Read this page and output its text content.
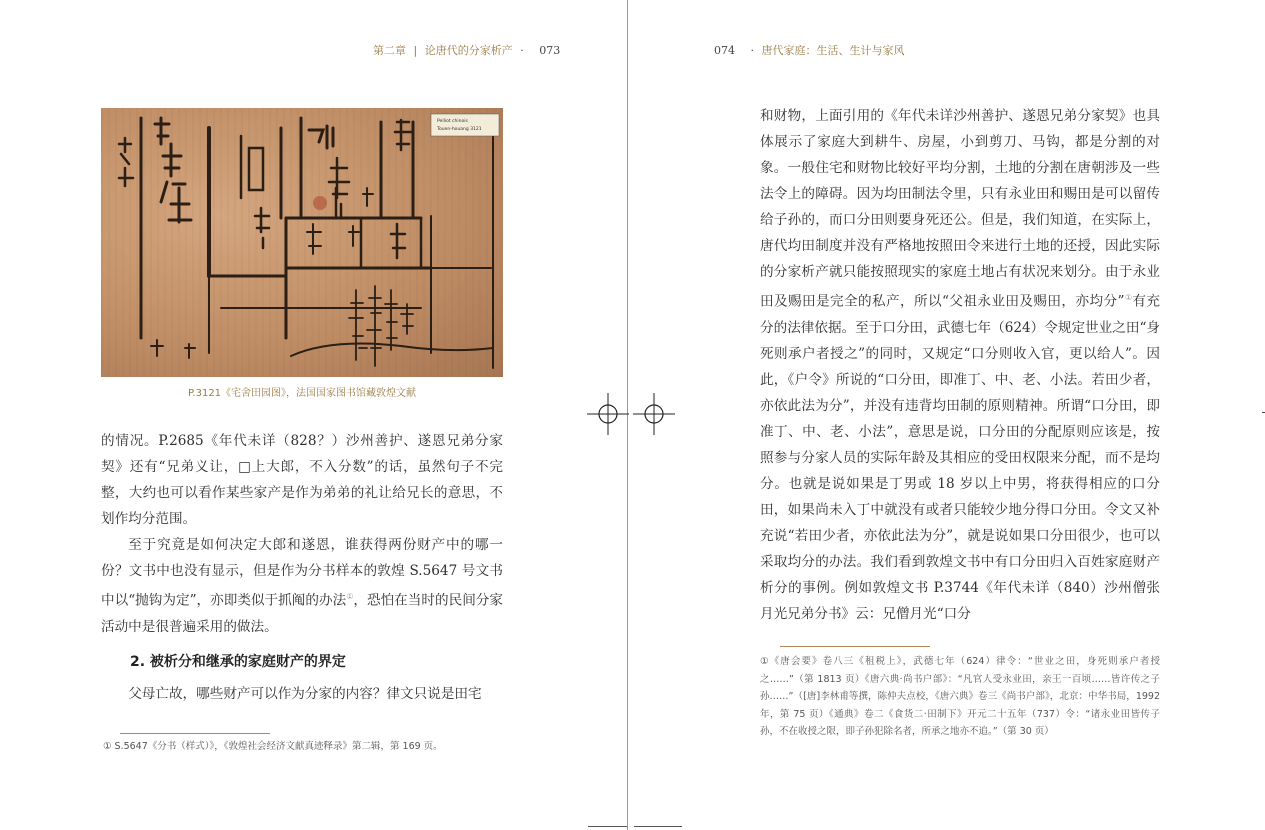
第二章 | 论唐代的分家析产 · 073
Pelliot chinois
Touen-houang 3121
P.3121《宅舍田园图》，法国国家图书馆藏敦煌文献

的情况。P.2685《年代未详（828？）沙州善护、遂恩兄弟分家契》还有“兄弟义让，□上大郎，不入分数”的话，虽然句子不完整，大约也可以看作某些家产是作为弟弟的礼让给兄长的意思，不划作均分范围。

至于究竟是如何决定大郎和遂恩，谁获得两份财产中的哪一份？文书中也没有显示，但是作为分书样本的敦煌 S.5647 号文书中以“抛钩为定”，亦即类似于抓阄的办法①，恐怕在当时的民间分家活动中是很普遍采用的做法。

2. 被析分和继承的家庭财产的界定

父母亡故，哪些财产可以作为分家的内容？律文只说是田宅

① S.5647《分书（样式）》，《敦煌社会经济文献真迹释录》第二辑，第 169 页。

074 · 唐代家庭：生活、生计与家风

和财物，上面引用的《年代未详沙州善护、遂恩兄弟分家契》也具体展示了家庭大到耕牛、房屋，小到剪刀、马钩，都是分割的对象。一般住宅和财物比较好平均分割，土地的分割在唐朝涉及一些法令上的障碍。因为均田制法令里，只有永业田和赐田是可以留传给子孙的，而口分田则要身死还公。但是，我们知道，在实际上，唐代均田制度并没有严格地按照田令来进行土地的还授，因此实际的分家析产就只能按照现实的家庭土地占有状况来划分。由于永业田及赐田是完全的私产，所以“父祖永业田及赐田，亦均分”①有充分的法律依据。至于口分田，武德七年（624）令规定世业之田“身死则承户者授之”的同时，又规定“口分则收入官，更以给人”。因此，《户令》所说的“口分田，即准丁、中、老、小法。若田少者，亦依此法为分”，并没有违背均田制的原则精神。所谓“口分田，即准丁、中、老、小法”，意思是说，口分田的分配原则应该是，按照参与分家人员的实际年龄及其相应的受田权限来分配，而不是均分。也就是说如果是丁男或 18 岁以上中男，将获得相应的口分田，如果尚未入丁中就没有或者只能较少地分得口分田。令文又补充说“若田少者，亦依此法为分”，就是说如果口分田很少，也可以采取均分的办法。我们看到敦煌文书中有口分田归入百姓家庭财产析分的事例。例如敦煌文书 P.3744《年代未详（840）沙州僧张月光兄弟分书》云：兄僧月光“口分

①《唐会要》卷八三《租税上》，武德七年（624）律令：“世业之田，身死则承户者授之……”（第 1813 页）《唐六典·尚书户部》：“凡官人受永业田，亲王一百顷……皆许传之子孙……”（[唐]李林甫等撰，陈仲夫点校，《唐六典》卷三《尚书户部》，北京：中华书局，1992 年，第 75 页）《通典》卷二《食货二·田制下》开元二十五年（737）令：“诸永业田皆传子孙，不在收授之限，即子孙犯除名者，所承之地亦不追。”（第 30 页）
